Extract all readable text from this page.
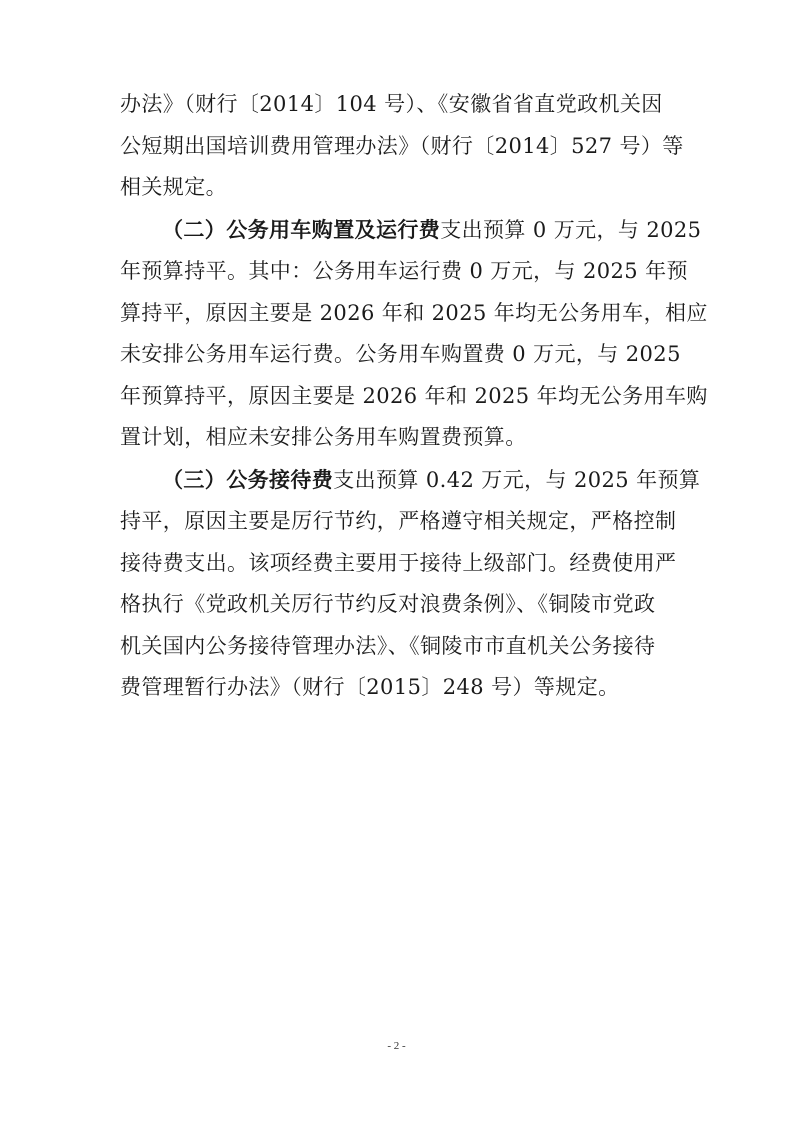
办法》（财行〔2014〕104 号）、《安徽省省直党政机关因
公短期出国培训费用管理办法》（财行〔2014〕527 号）等
相关规定。

（二）公务用车购置及运行费支出预算 0 万元，与 2025
年预算持平。其中：公务用车运行费 0 万元，与 2025 年预
算持平，原因主要是 2026 年和 2025 年均无公务用车，相应
未安排公务用车运行费。公务用车购置费 0 万元，与 2025
年预算持平，原因主要是 2026 年和 2025 年均无公务用车购
置计划，相应未安排公务用车购置费预算。

（三）公务接待费支出预算 0.42 万元，与 2025 年预算
持平，原因主要是厉行节约，严格遵守相关规定，严格控制
接待费支出。该项经费主要用于接待上级部门。经费使用严
格执行《党政机关厉行节约反对浪费条例》、《铜陵市党政
机关国内公务接待管理办法》、《铜陵市市直机关公务接待
费管理暂行办法》（财行〔2015〕248 号）等规定。

- 2 -
